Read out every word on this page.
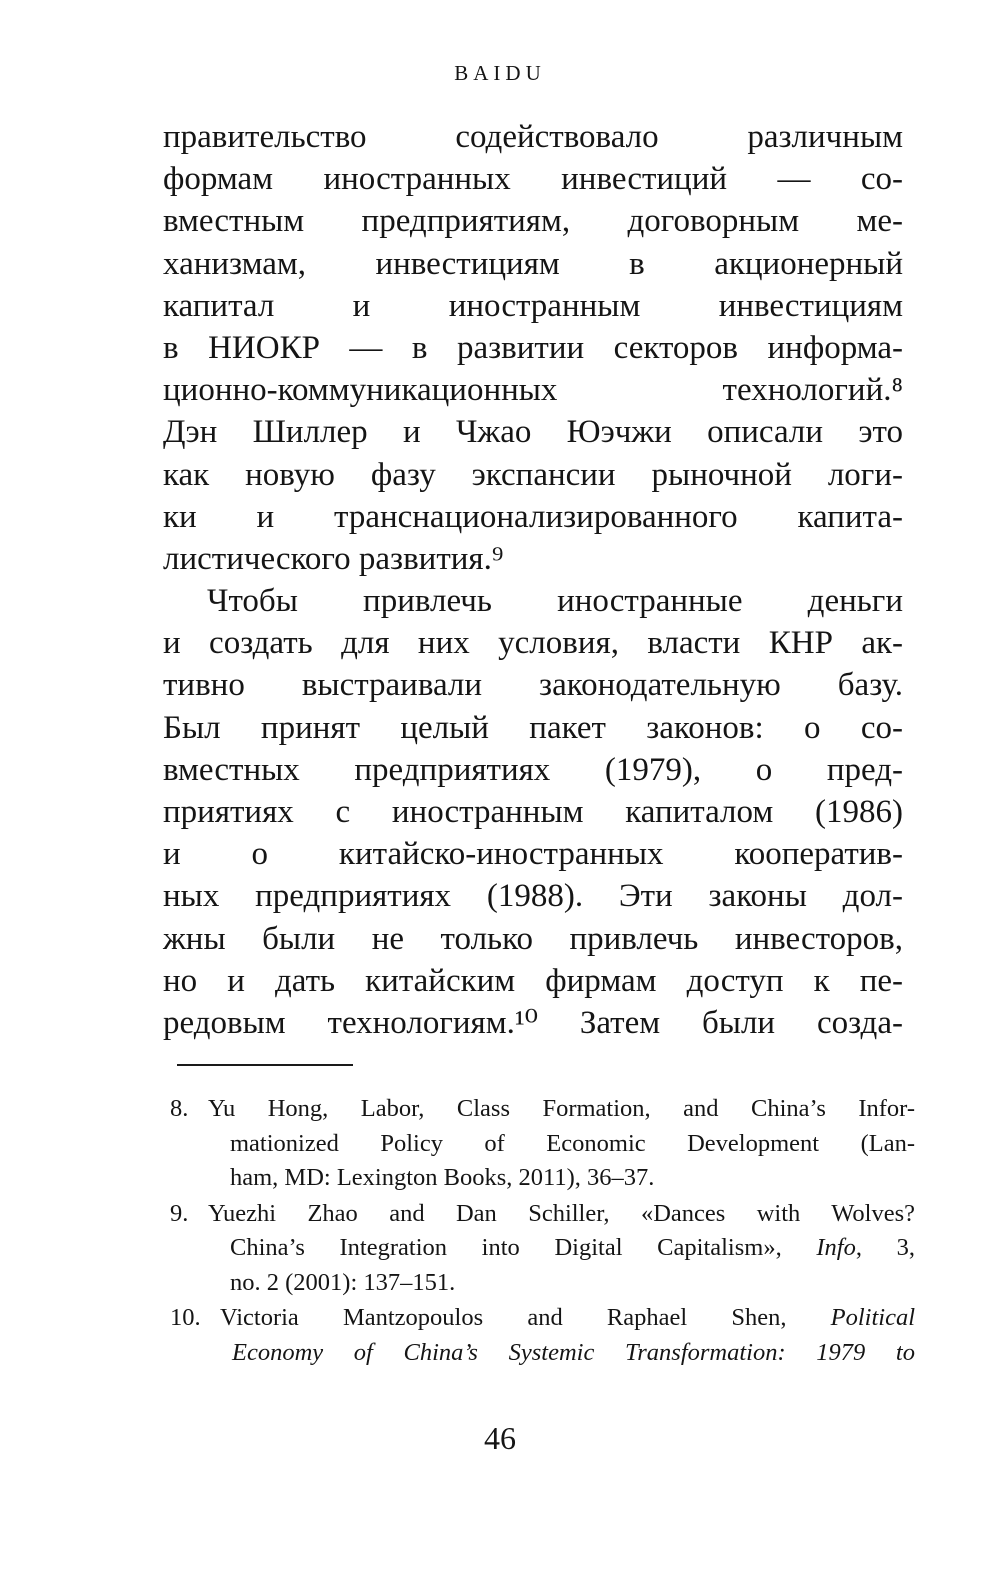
BAIDU
правительство содействовало различным
формам иностранных инвестиций — со-
вместным предприятиям, договорным ме-
ханизмам, инвестициям в акционерный
капитал и иностранным инвестициям
в НИОКР — в развитии секторов информа-
ционно-коммуникационных технологий.⁸
Дэн Шиллер и Чжао Юэчжи описали это
как новую фазу экспансии рыночной логи-
ки и транснационализированного капита-
листического развития.⁹
Чтобы привлечь иностранные деньги
и создать для них условия, власти КНР ак-
тивно выстраивали законодательную базу.
Был принят целый пакет законов: о со-
вместных предприятиях (1979), о пред-
приятиях с иностранным капиталом (1986)
и о китайско-иностранных кооператив-
ных предприятиях (1988). Эти законы дол-
жны были не только привлечь инвесторов,
но и дать китайским фирмам доступ к пе-
редовым технологиям.¹⁰ Затем были созда-
8. Yu Hong, Labor, Class Formation, and China’s Infor-
mationized Policy of Economic Development (Lan-
ham, MD: Lexington Books, 2011), 36–37.
9. Yuezhi Zhao and Dan Schiller, «Dances with Wolves?
China’s Integration into Digital Capitalism», Info, 3,
no. 2 (2001): 137–151.
10. Victoria Mantzopoulos and Raphael Shen, Political
Economy of China’s Systemic Transformation: 1979 to
46
